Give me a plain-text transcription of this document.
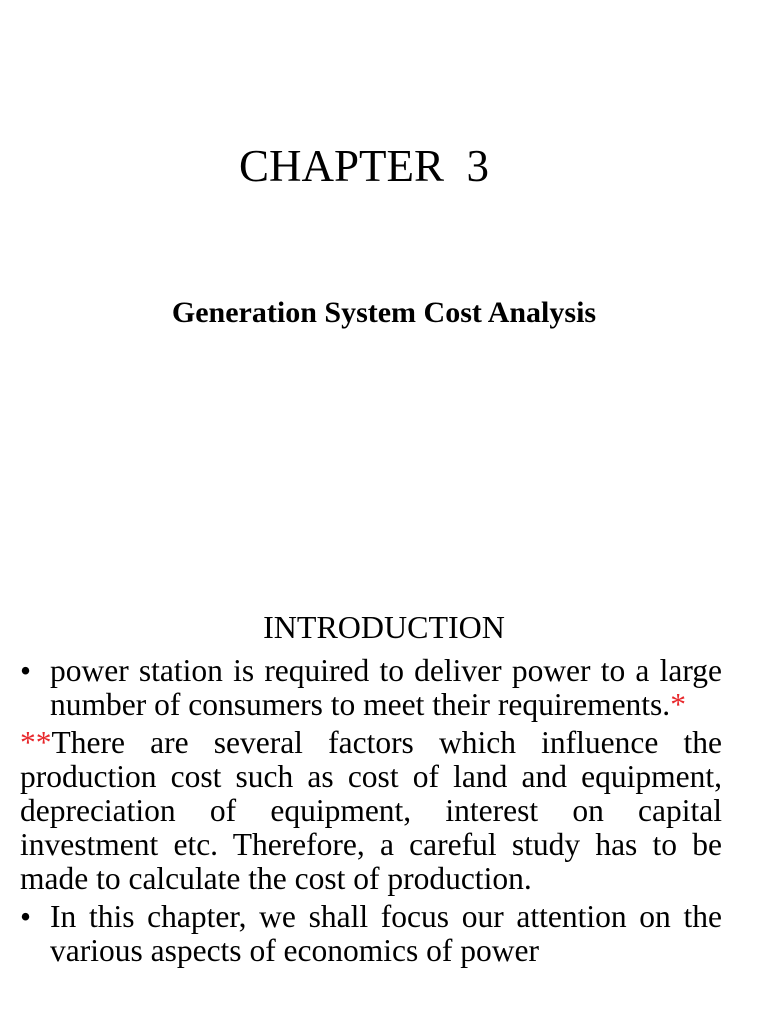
CHAPTER  3
Generation System Cost Analysis
INTRODUCTION
• power station is required to deliver power to a large number of consumers to meet their requirements.*
**There are several factors which influence the production cost such as cost of land and equipment, depreciation of equipment, interest on capital investment etc. Therefore, a careful study has to be made to calculate the cost of production.
• In this chapter, we shall focus our attention on the various aspects of economics of power
